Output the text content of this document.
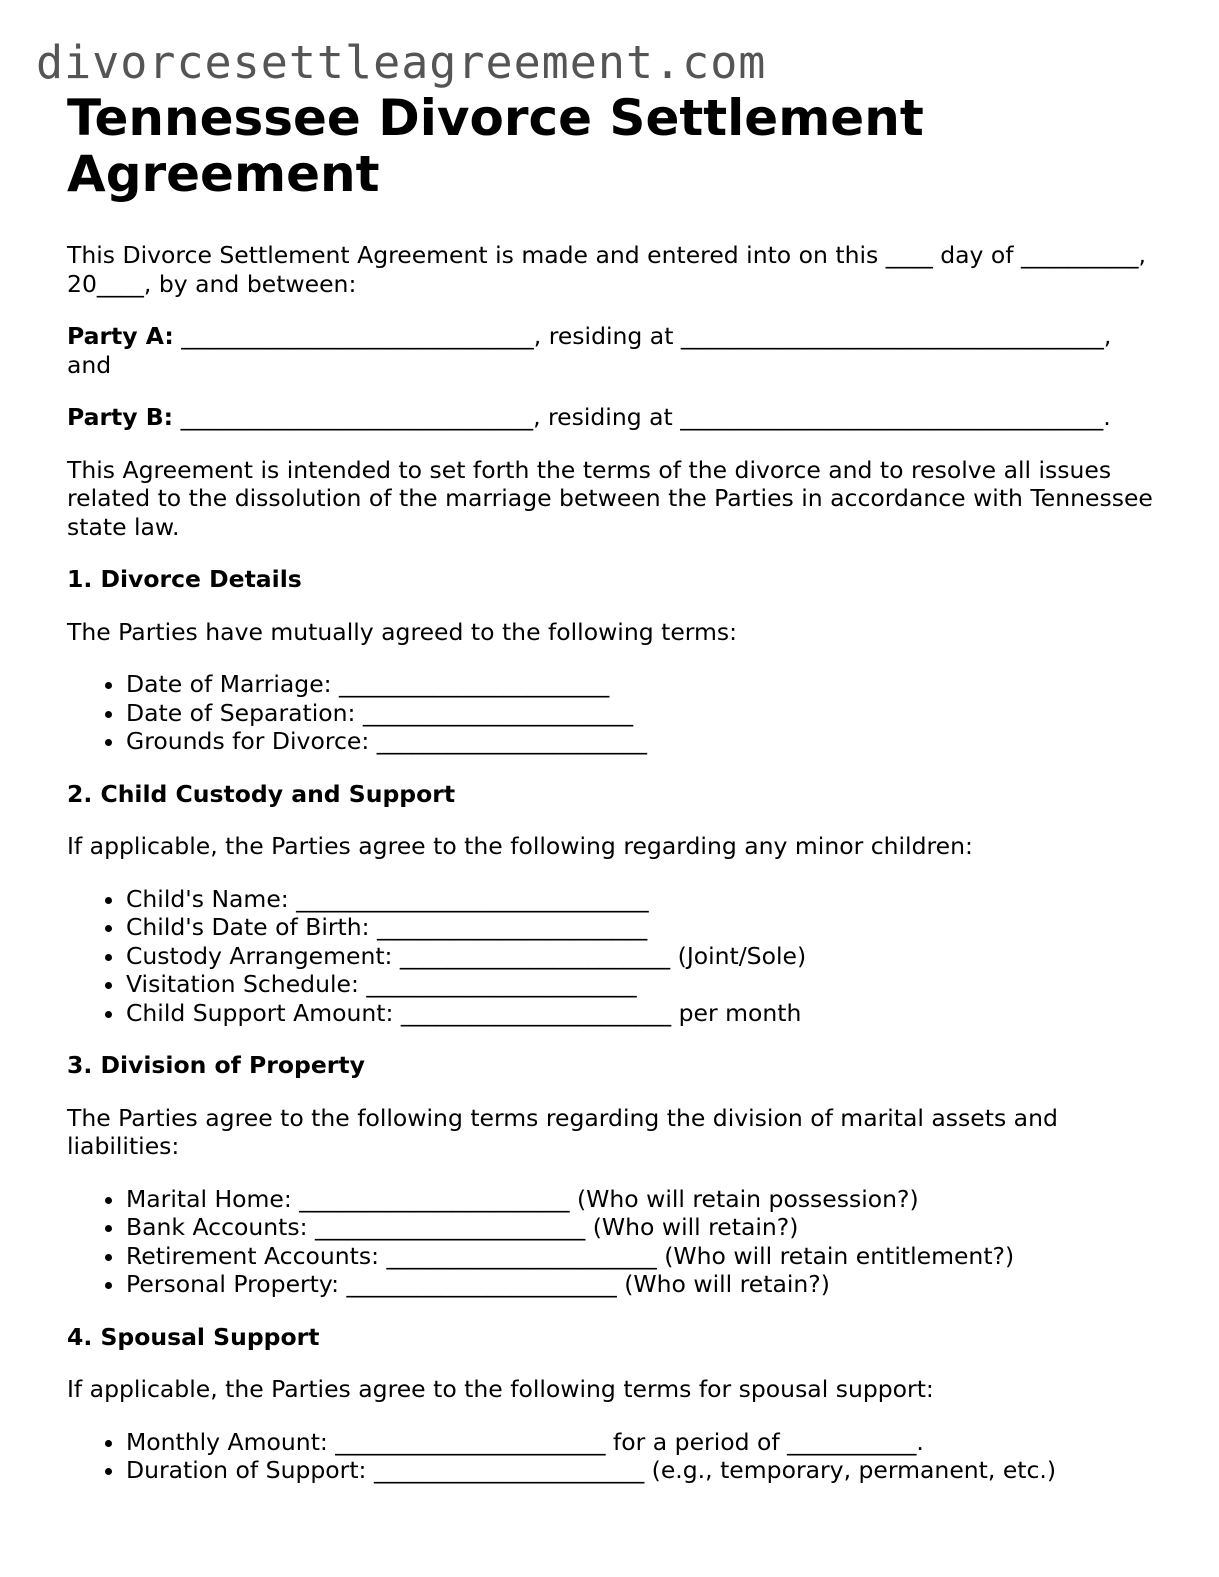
divorcesettleagreement.com
Tennessee Divorce Settlement Agreement

This Divorce Settlement Agreement is made and entered into on this ____ day of __________, 20____, by and between:

Party A: ______________________________, residing at ____________________________________, and

Party B: ______________________________, residing at ____________________________________.

This Agreement is intended to set forth the terms of the divorce and to resolve all issues related to the dissolution of the marriage between the Parties in accordance with Tennessee state law.

1. Divorce Details

The Parties have mutually agreed to the following terms:

• Date of Marriage: _______________________
• Date of Separation: _______________________
• Grounds for Divorce: _______________________
2. Child Custody and Support

If applicable, the Parties agree to the following regarding any minor children:

• Child's Name: ______________________________
• Child's Date of Birth: _______________________
• Custody Arrangement: _______________________ (Joint/Sole)
• Visitation Schedule: _______________________
• Child Support Amount: _______________________ per month
3. Division of Property

The Parties agree to the following terms regarding the division of marital assets and liabilities:

• Marital Home: _______________________ (Who will retain possession?)
• Bank Accounts: _______________________ (Who will retain?)
• Retirement Accounts: _______________________ (Who will retain entitlement?)
• Personal Property: _______________________ (Who will retain?)
4. Spousal Support

If applicable, the Parties agree to the following terms for spousal support:

• Monthly Amount: _______________________ for a period of ___________.
• Duration of Support: _______________________ (e.g., temporary, permanent, etc.)
